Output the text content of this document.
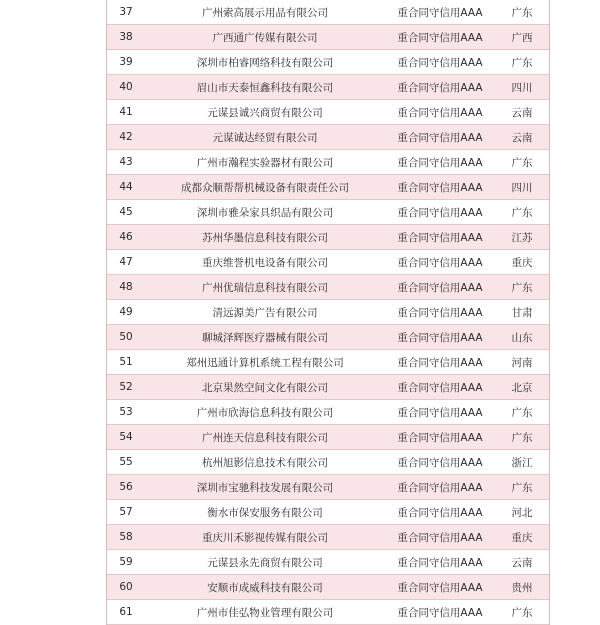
37	广州索高展示用品有限公司	重合同守信用AAA	广东
38	广西通广传媒有限公司	重合同守信用AAA	广西
39	深圳市柏睿网络科技有限公司	重合同守信用AAA	广东
40	眉山市天泰恒鑫科技有限公司	重合同守信用AAA	四川
41	元谋县诚兴商贸有限公司	重合同守信用AAA	云南
42	元谋诚达经贸有限公司	重合同守信用AAA	云南
43	广州市瀚程实验器材有限公司	重合同守信用AAA	广东
44	成都众顺帮帮机械设备有限责任公司	重合同守信用AAA	四川
45	深圳市雅朵家具织品有限公司	重合同守信用AAA	广东
46	苏州华墨信息科技有限公司	重合同守信用AAA	江苏
47	重庆维誉机电设备有限公司	重合同守信用AAA	重庆
48	广州优瑞信息科技有限公司	重合同守信用AAA	广东
49	清远源美广告有限公司	重合同守信用AAA	甘肃
50	聊城泽辉医疗器械有限公司	重合同守信用AAA	山东
51	郑州迅通计算机系统工程有限公司	重合同守信用AAA	河南
52	北京果然空间文化有限公司	重合同守信用AAA	北京
53	广州市欣海信息科技有限公司	重合同守信用AAA	广东
54	广州连天信息科技有限公司	重合同守信用AAA	广东
55	杭州旭影信息技术有限公司	重合同守信用AAA	浙江
56	深圳市宝驰科技发展有限公司	重合同守信用AAA	广东
57	衡水市保安服务有限公司	重合同守信用AAA	河北
58	重庆川禾影视传媒有限公司	重合同守信用AAA	重庆
59	元谋县永先商贸有限公司	重合同守信用AAA	云南
60	安顺市成威科技有限公司	重合同守信用AAA	贵州
61	广州市佳弘物业管理有限公司	重合同守信用AAA	广东
